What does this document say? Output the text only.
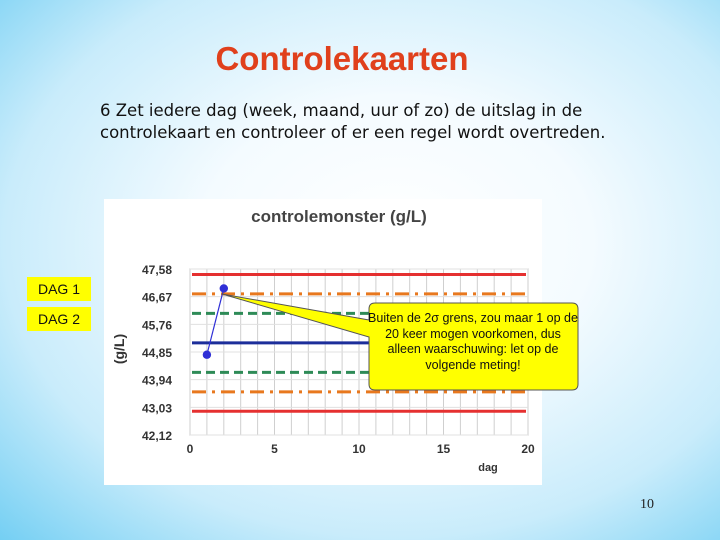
Controlekaarten
6 Zet iedere dag (week, maand, uur of zo) de uitslag in de controlekaart en controleer of er een regel wordt overtreden.
controlemonster (g/L)
(g/L)
dag
47,58
46,67
45,76
44,85
43,94
43,03
42,12
0	5	10	15	20
DAG 1
DAG 2	Buiten de 2σ grens, zou maar 1 op de 20 keer mogen voorkomen, dus alleen waarschuwing: let op de volgende meting!
10
